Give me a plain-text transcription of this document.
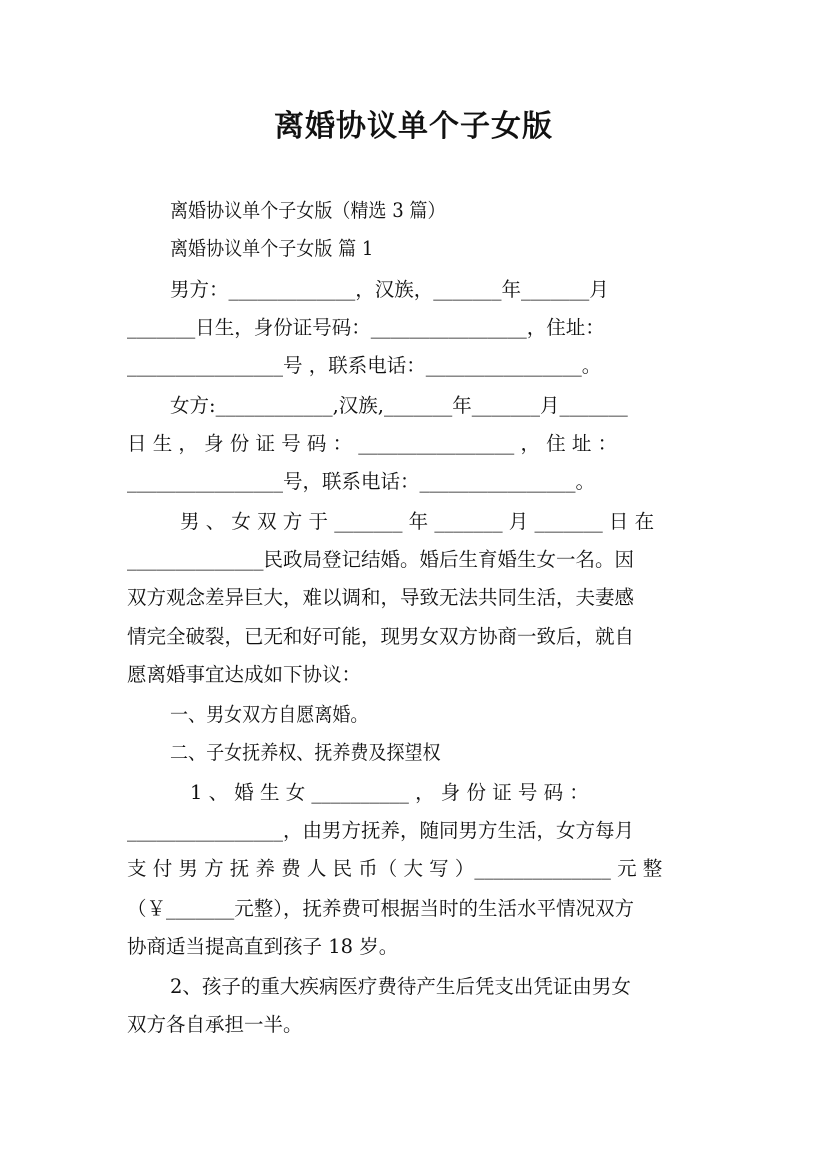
离婚协议单个子女版
离婚协议单个子女版（精选 3 篇）
离婚协议单个子女版 篇 1
男方：_____________，汉族，_______年_______月
_______日生，身份证号码：________________，住址：
________________号 ，联系电话：________________。
女方:____________,汉族,_______年_______月_______
日 生 ， 身 份 证 号 码 ： ________________ ， 住 址 ：
________________号，联系电话：________________。
男 、 女 双 方 于 _______ 年 _______ 月 _______ 日 在
______________民政局登记结婚。婚后生育婚生女一名。因
双方观念差异巨大，难以调和，导致无法共同生活，夫妻感
情完全破裂，已无和好可能，现男女双方协商一致后，就自
愿离婚事宜达成如下协议：
一、男女双方自愿离婚。
二、子女抚养权、抚养费及探望权
1 、 婚 生 女 __________ ， 身 份 证 号 码 ：
________________，由男方抚养，随同男方生活，女方每月
支 付 男 方 抚 养 费 人 民 币（ 大 写 ）______________ 元 整
（￥_______元整），抚养费可根据当时的生活水平情况双方
协商适当提高直到孩子 18 岁。
2、孩子的重大疾病医疗费待产生后凭支出凭证由男女
双方各自承担一半。
